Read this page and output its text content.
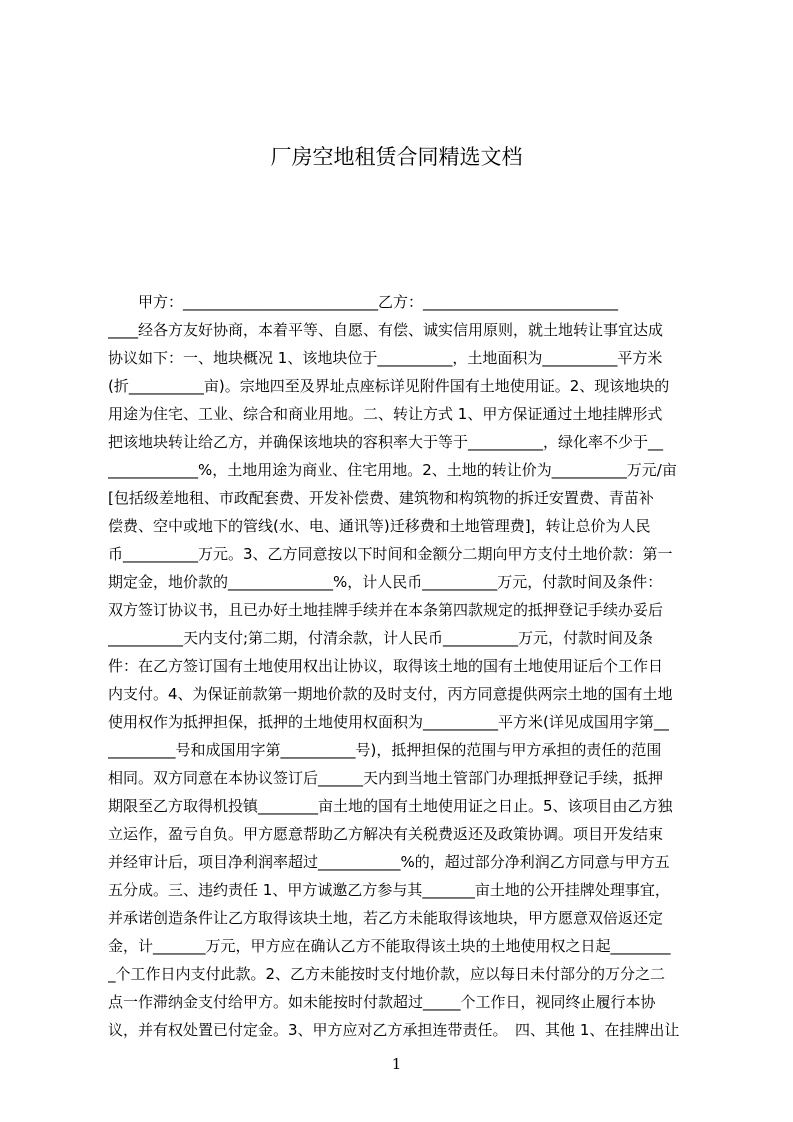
厂房空地租赁合同精选文档
　　甲方：__________________________乙方：__________________________
____经各方友好协商，本着平等、自愿、有偿、诚实信用原则，就土地转让事宜达成
协议如下：一、地块概况 1、该地块位于__________，土地面积为__________平方米
(折__________亩)。宗地四至及界址点座标详见附件国有土地使用证。2、现该地块的
用途为住宅、工业、综合和商业用地。二、转让方式 1、甲方保证通过土地挂牌形式
把该地块转让给乙方，并确保该地块的容积率大于等于__________，绿化率不少于__
____________%，土地用途为商业、住宅用地。2、土地的转让价为__________万元/亩
[包括级差地租、市政配套费、开发补偿费、建筑物和构筑物的拆迁安置费、青苗补
偿费、空中或地下的管线(水、电、通讯等)迁移费和土地管理费]，转让总价为人民
币__________万元。3、乙方同意按以下时间和金额分二期向甲方支付土地价款：第一
期定金，地价款的______________%，计人民币__________万元，付款时间及条件：
双方签订协议书，且已办好土地挂牌手续并在本条第四款规定的抵押登记手续办妥后
__________天内支付;第二期，付清余款，计人民币__________万元，付款时间及条
件：在乙方签订国有土地使用权出让协议，取得该土地的国有土地使用证后个工作日
内支付。4、为保证前款第一期地价款的及时支付，丙方同意提供两宗土地的国有土地
使用权作为抵押担保，抵押的土地使用权面积为__________平方米(详见成国用字第__
_________号和成国用字第__________号)，抵押担保的范围与甲方承担的责任的范围
相同。双方同意在本协议签订后______天内到当地土管部门办理抵押登记手续，抵押
期限至乙方取得机投镇________亩土地的国有土地使用证之日止。5、该项目由乙方独
立运作，盈亏自负。甲方愿意帮助乙方解决有关税费返还及政策协调。项目开发结束
并经审计后，项目净利润率超过___________%的，超过部分净利润乙方同意与甲方五
五分成。三、违约责任 1、甲方诚邀乙方参与其_______亩土地的公开挂牌处理事宜，
并承诺创造条件让乙方取得该块土地，若乙方未能取得该地块，甲方愿意双倍返还定
金，计_______万元，甲方应在确认乙方不能取得该土块的土地使用权之日起________
_个工作日内支付此款。2、乙方未能按时支付地价款，应以每日未付部分的万分之二
点一作滞纳金支付给甲方。如未能按时付款超过_____个工作日，视同终止履行本协
议，并有权处置已付定金。3、甲方应对乙方承担连带责任。　四、其他 1、在挂牌出让
1
